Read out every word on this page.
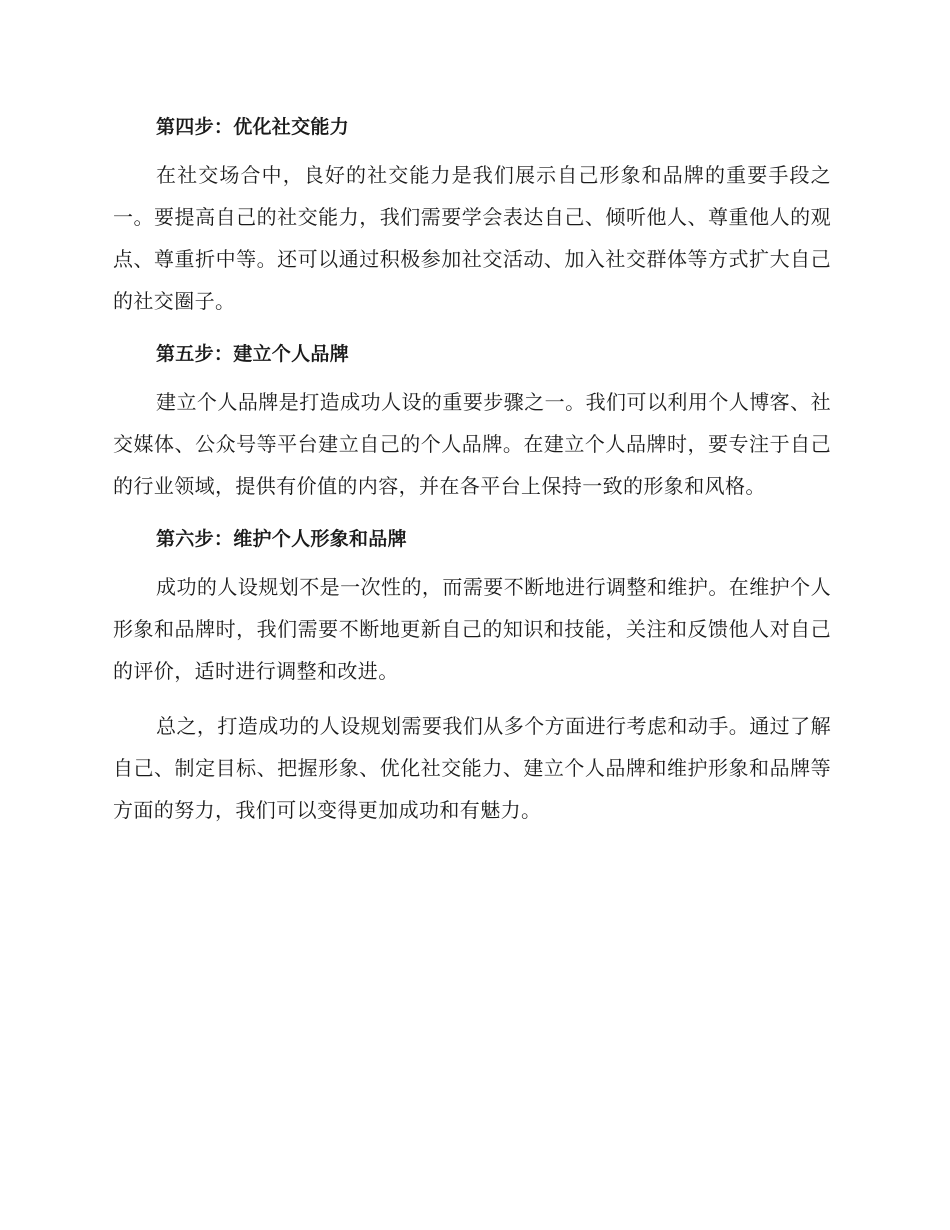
第四步：优化社交能力

在社交场合中，良好的社交能力是我们展示自己形象和品牌的重要手段之一。要提高自己的社交能力，我们需要学会表达自己、倾听他人、尊重他人的观点、尊重折中等。还可以通过积极参加社交活动、加入社交群体等方式扩大自己的社交圈子。

第五步：建立个人品牌

建立个人品牌是打造成功人设的重要步骤之一。我们可以利用个人博客、社交媒体、公众号等平台建立自己的个人品牌。在建立个人品牌时，要专注于自己的行业领域，提供有价值的内容，并在各平台上保持一致的形象和风格。

第六步：维护个人形象和品牌

成功的人设规划不是一次性的，而需要不断地进行调整和维护。在维护个人形象和品牌时，我们需要不断地更新自己的知识和技能，关注和反馈他人对自己的评价，适时进行调整和改进。

总之，打造成功的人设规划需要我们从多个方面进行考虑和动手。通过了解自己、制定目标、把握形象、优化社交能力、建立个人品牌和维护形象和品牌等方面的努力，我们可以变得更加成功和有魅力。
